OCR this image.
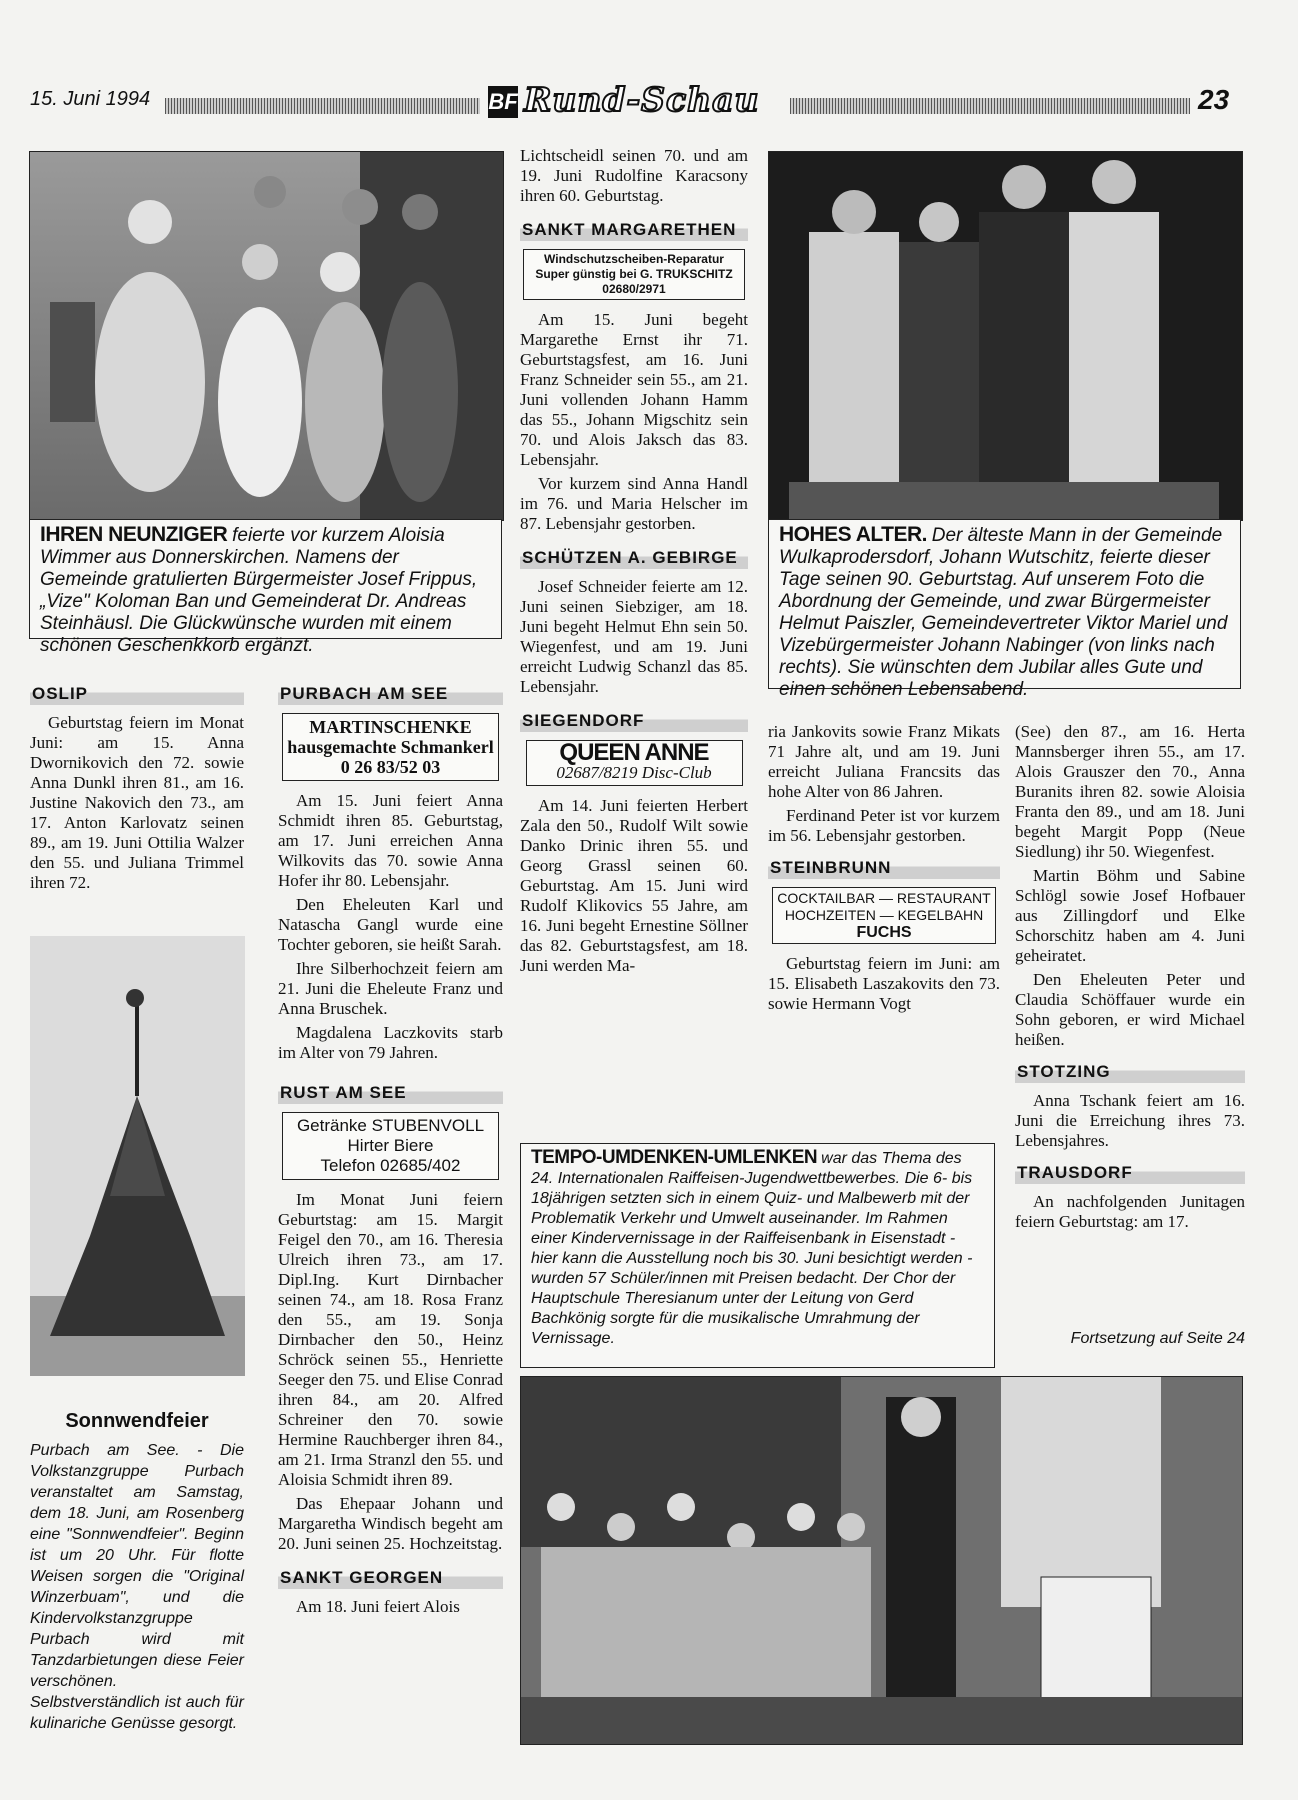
15. Juni 1994	BF Rund-Schau	23
IHREN NEUNZIGER feierte vor kurzem Aloisia Wimmer aus Donnerskirchen. Namens der Gemeinde gratulierten Bürgermeister Josef Frippus, „Vize" Koloman Ban und Gemeinderat Dr. Andreas Steinhäusl. Die Glückwünsche wurden mit einem schönen Geschenkkorb ergänzt.
OSLIP

Geburtstag feiern im Monat Juni: am 15. Anna Dwornikovich den 72. sowie Anna Dunkl ihren 81., am 16. Justine Nakovich den 73., am 17. Anton Karlovatz seinen 89., am 19. Juni Ottilia Walzer den 55. und Juliana Trimmel ihren 72.

Sonnwendfeier
Purbach am See. - Die Volkstanzgruppe Purbach veranstaltet am Samstag, dem 18. Juni, am Rosenberg eine "Sonnwendfeier". Beginn ist um 20 Uhr. Für flotte Weisen sorgen die "Original Winzerbuam", und die Kindervolkstanzgruppe Purbach wird mit Tanzdarbietungen diese Feier verschönen. Selbstverständlich ist auch für kulinariche Genüsse gesorgt.
PURBACH AM SEE
MARTINSCHENKE
hausgemachte Schmankerl
0 26 83/52 03

Am 15. Juni feiert Anna Schmidt ihren 85. Geburtstag, am 17. Juni erreichen Anna Wilkovits das 70. sowie Anna Hofer ihr 80. Lebensjahr.

Den Eheleuten Karl und Natascha Gangl wurde eine Tochter geboren, sie heißt Sarah.

Ihre Silberhochzeit feiern am 21. Juni die Eheleute Franz und Anna Bruschek.

Magdalena Laczkovits starb im Alter von 79 Jahren.

RUST AM SEE
Getränke STUBENVOLL
Hirter Biere
Telefon 02685/402

Im Monat Juni feiern Geburtstag: am 15. Margit Feigel den 70., am 16. Theresia Ulreich ihren 73., am 17. Dipl.Ing. Kurt Dirnbacher seinen 74., am 18. Rosa Franz den 55., am 19. Sonja Dirnbacher den 50., Heinz Schröck seinen 55., Henriette Seeger den 75. und Elise Conrad ihren 84., am 20. Alfred Schreiner den 70. sowie Hermine Rauchberger ihren 84., am 21. Irma Stranzl den 55. und Aloisia Schmidt ihren 89.

Das Ehepaar Johann und Margaretha Windisch begeht am 20. Juni seinen 25. Hochzeitstag.

SANKT GEORGEN

Am 18. Juni feiert Alois

Lichtscheidl seinen 70. und am 19. Juni Rudolfine Karacsony ihren 60. Geburtstag.

SANKT MARGARETHEN
Windschutzscheiben-Reparatur
Super günstig bei G. TRUKSCHITZ
02680/2971

Am 15. Juni begeht Margarethe Ernst ihr 71. Geburtstagsfest, am 16. Juni Franz Schneider sein 55., am 21. Juni vollenden Johann Hamm das 55., Johann Migschitz sein 70. und Alois Jaksch das 83. Lebensjahr.

Vor kurzem sind Anna Handl im 76. und Maria Helscher im 87. Lebensjahr gestorben.

SCHÜTZEN A. GEBIRGE

Josef Schneider feierte am 12. Juni seinen Siebziger, am 18. Juni begeht Helmut Ehn sein 50. Wiegenfest, und am 19. Juni erreicht Ludwig Schanzl das 85. Lebensjahr.

SIEGENDORF
QUEEN ANNE
02687/8219 Disc-Club

Am 14. Juni feierten Herbert Zala den 50., Rudolf Wilt sowie Danko Drinic ihren 55. und Georg Grassl seinen 60. Geburtstag. Am 15. Juni wird Rudolf Klikovics 55 Jahre, am 16. Juni begeht Ernestine Söllner das 82. Geburtstagsfest, am 18. Juni werden Ma-

HOHES ALTER. Der älteste Mann in der Gemeinde Wulkaprodersdorf, Johann Wutschitz, feierte dieser Tage seinen 90. Geburtstag. Auf unserem Foto die Abordnung der Gemeinde, und zwar Bürgermeister Helmut Paiszler, Gemeindevertreter Viktor Mariel und Vizebürgermeister Johann Nabinger (von links nach rechts). Sie wünschten dem Jubilar alles Gute und einen schönen Lebensabend.

ria Jankovits sowie Franz Mikats 71 Jahre alt, und am 19. Juni erreicht Juliana Francsits das hohe Alter von 86 Jahren.

Ferdinand Peter ist vor kurzem im 56. Lebensjahr gestorben.

STEINBRUNN
COCKTAILBAR — RESTAURANT
HOCHZEITEN — KEGELBAHN
FUCHS

Geburtstag feiern im Juni: am 15. Elisabeth Laszakovits den 73. sowie Hermann Vogt

(See) den 87., am 16. Herta Mannsberger ihren 55., am 17. Alois Grauszer den 70., Anna Buranits ihren 82. sowie Aloisia Franta den 89., und am 18. Juni begeht Margit Popp (Neue Siedlung) ihr 50. Wiegenfest.

Martin Böhm und Sabine Schlögl sowie Josef Hofbauer aus Zillingdorf und Elke Schorschitz haben am 4. Juni geheiratet.

Den Eheleuten Peter und Claudia Schöffauer wurde ein Sohn geboren, er wird Michael heißen.

STOTZING

Anna Tschank feiert am 16. Juni die Erreichung ihres 73. Lebensjahres.

TRAUSDORF

An nachfolgenden Junitagen feiern Geburtstag: am 17.

Fortsetzung auf Seite 24
TEMPO-UMDENKEN-UMLENKEN war das Thema des 24. Internationalen Raiffeisen-Jugendwettbewerbes. Die 6- bis 18jährigen setzten sich in einem Quiz- und Malbewerb mit der Problematik Verkehr und Umwelt auseinander. Im Rahmen einer Kindervernissage in der Raiffeisenbank in Eisenstadt - hier kann die Ausstellung noch bis 30. Juni besichtigt werden - wurden 57 Schüler/innen mit Preisen bedacht. Der Chor der Hauptschule Theresianum unter der Leitung von Gerd Bachkönig sorgte für die musikalische Umrahmung der Vernissage.
